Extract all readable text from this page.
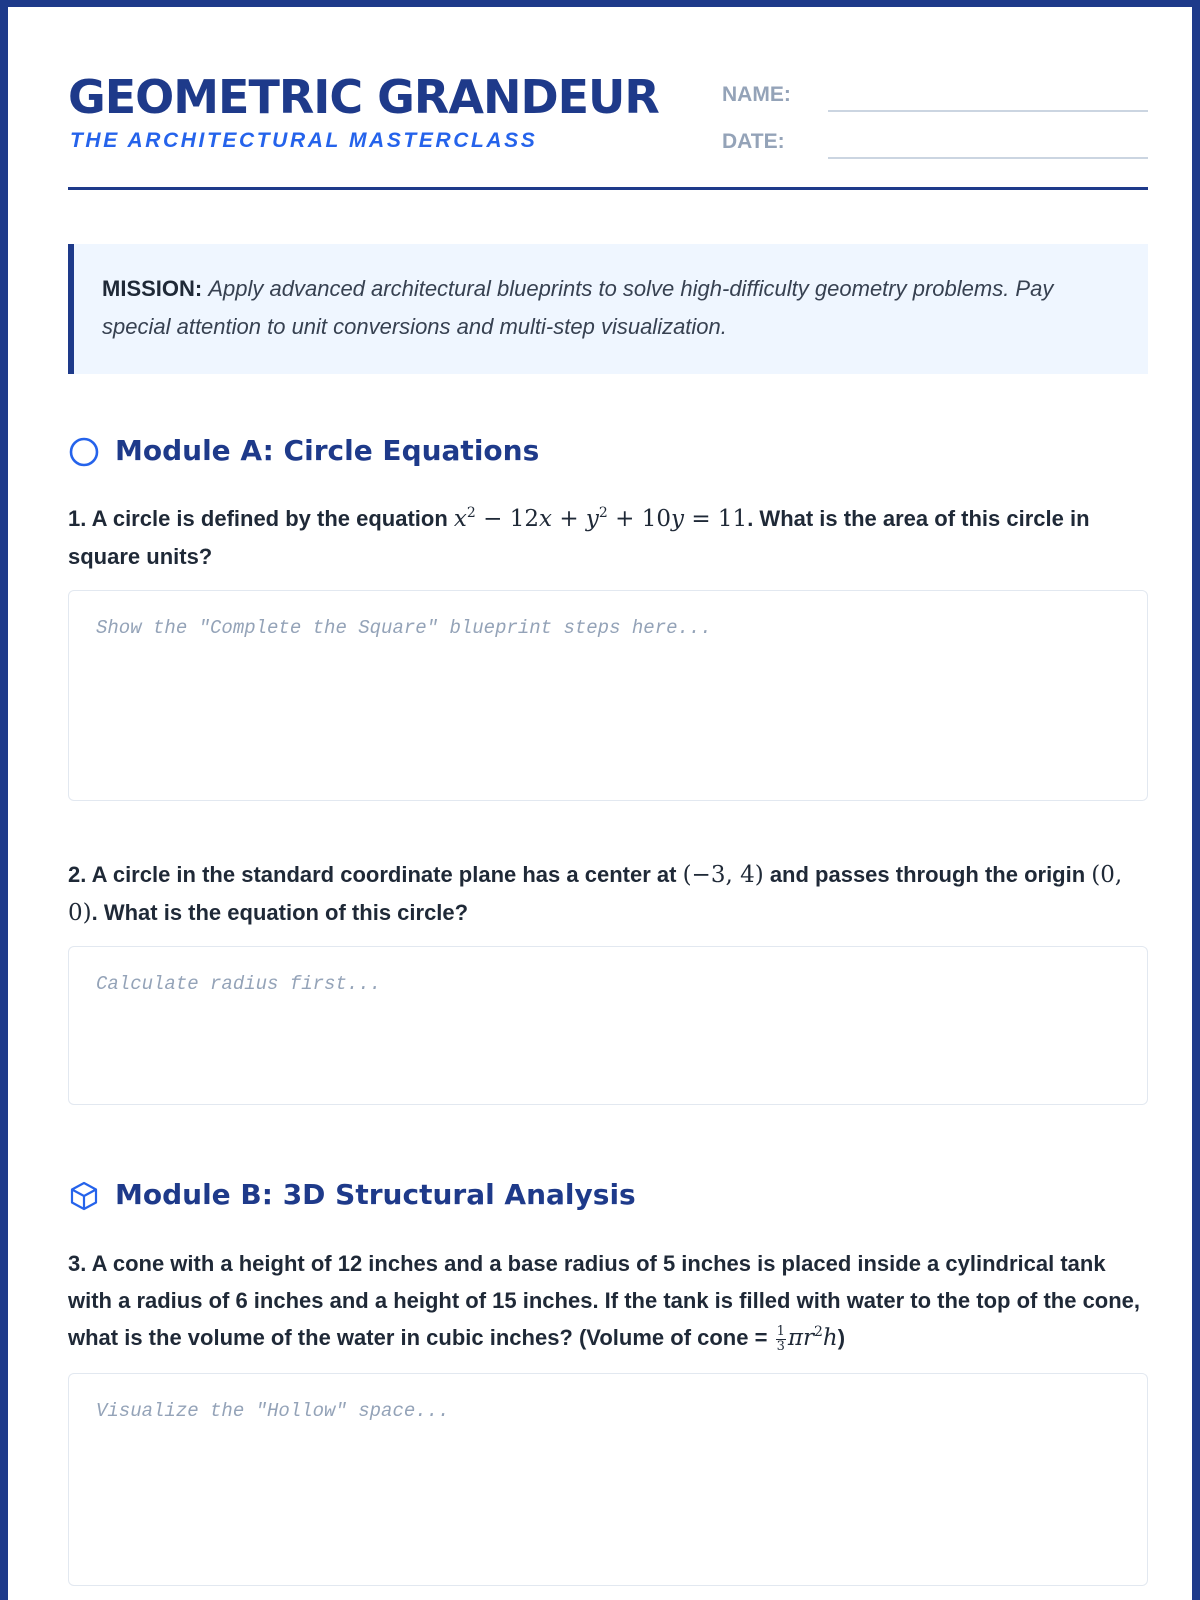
GEOMETRIC GRANDEUR
THE ARCHITECTURAL MASTERCLASS
NAME:
DATE:
MISSION: Apply advanced architectural blueprints to solve high-difficulty geometry problems. Pay special attention to unit conversions and multi-step visualization.
Module A: Circle Equations
1. A circle is defined by the equation $x^2 - 12x + y^2 + 10y = 11$. What is the area of this circle in square units?
Show the "Complete the Square" blueprint steps here...
2. A circle in the standard coordinate plane has a center at (−3, 4) and passes through the origin (0, 0). What is the equation of this circle?
Calculate radius first...
Module B: 3D Structural Analysis
3. A cone with a height of 12 inches and a base radius of 5 inches is placed inside a cylindrical tank with a radius of 6 inches and a height of 15 inches. If the tank is filled with water to the top of the cone, what is the volume of the water in cubic inches? (Volume of cone = $\frac{1}{3} \pi r^2h$)
Visualize the "Hollow" space...
